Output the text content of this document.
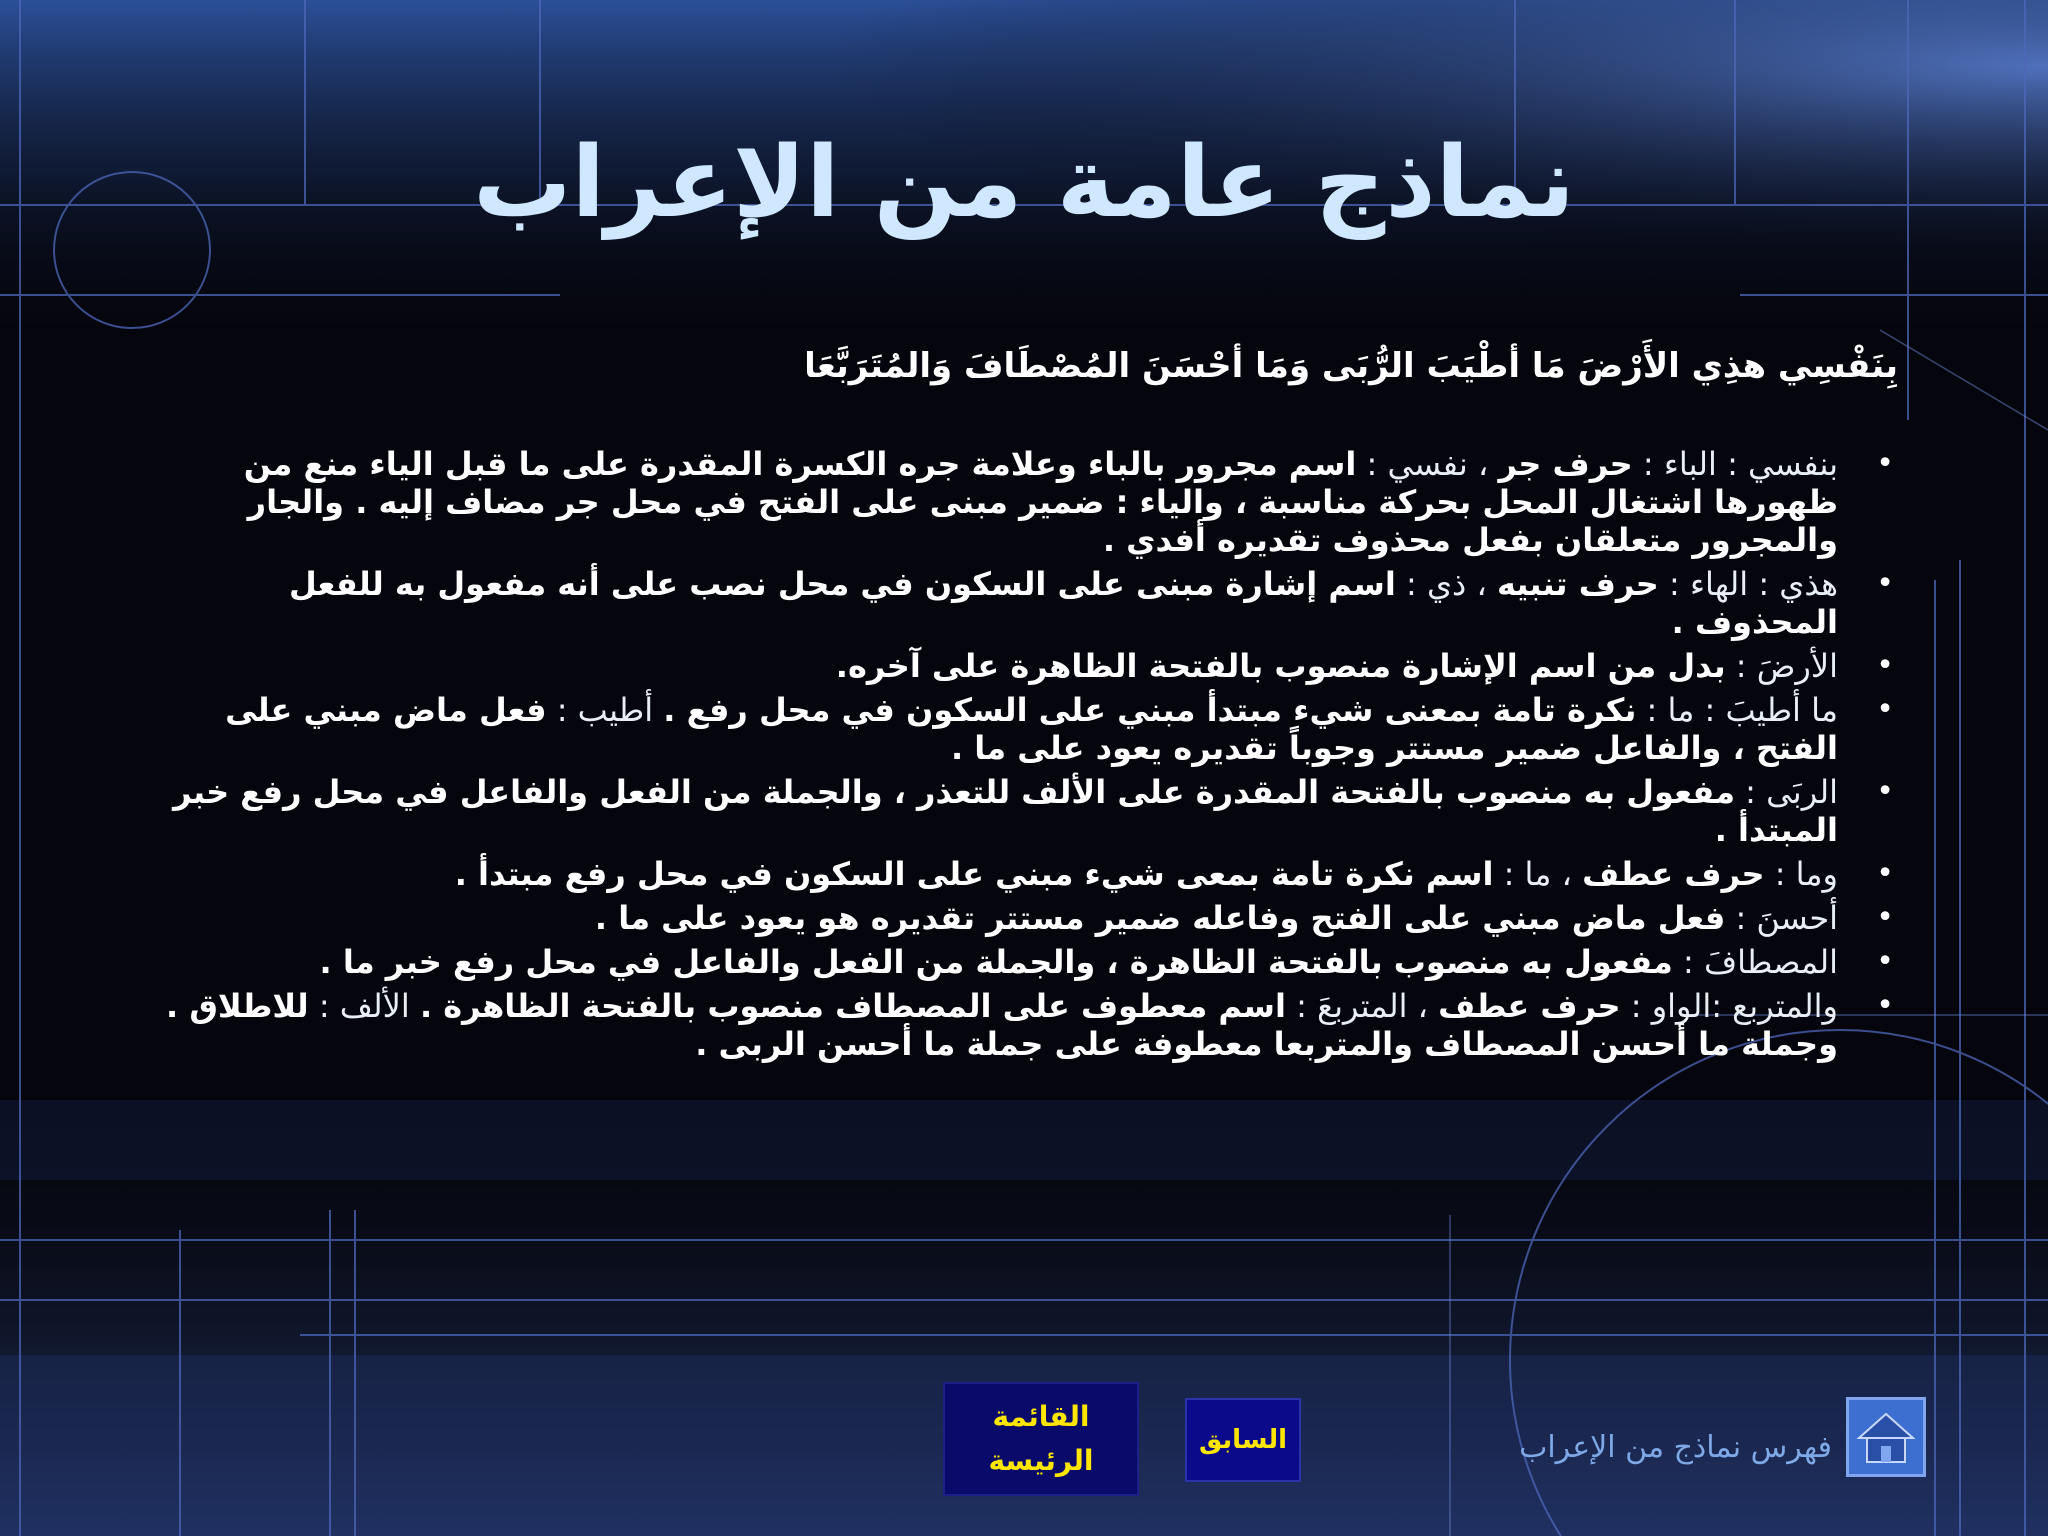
نماذج عامة من الإعراب
بِنَفْسِي هذِي الأَرْضَ مَا أطْيَبَ الرُّبَى وَمَا أحْسَنَ المُصْطَافَ وَالمُتَرَبَّعَا
•
بنفسي : الباء : حرف جر ، نفسي : اسم مجرور بالباء وعلامة جره الكسرة المقدرة على ما قبل الياء منع من ظهورها اشتغال المحل بحركة مناسبة ، والياء : ضمير مبنى على الفتح في محل جر مضاف إليه . والجار والمجرور متعلقان بفعل محذوف تقديره أفدي .
•
هذي : الهاء : حرف تنبيه ، ذي : اسم إشارة مبنى على السكون في محل نصب على أنه مفعول به للفعل المحذوف .
•
الأرضَ : بدل من اسم الإشارة منصوب بالفتحة الظاهرة على آخره.
•
ما أطيبَ : ما : نكرة تامة بمعنى شيء مبتدأ مبني على السكون في محل رفع . أطيب : فعل ماض مبني على الفتح ، والفاعل ضمير مستتر وجوباً تقديره يعود على ما .
•
الربَى : مفعول به منصوب بالفتحة المقدرة على الألف للتعذر ، والجملة من الفعل والفاعل في محل رفع خبر المبتدأ .
•
وما : حرف عطف ، ما : اسم نكرة تامة بمعى شيء مبني على السكون في محل رفع مبتدأ .
•
أحسنَ : فعل ماض مبني على الفتح وفاعله ضمير مستتر تقديره هو يعود على ما .
•
المصطافَ : مفعول به منصوب بالفتحة الظاهرة ، والجملة من الفعل والفاعل في محل رفع خبر ما .
•
والمتربع :الواو : حرف عطف ، المتربعَ : اسم معطوف على المصطاف منصوب بالفتحة الظاهرة . الألف : للاطلاق . وجملة ما أحسن المصطاف والمتربعا معطوفة على جملة ما أحسن الربى .
القائمة
الرئيسة
السابق	فهرس نماذج من الإعراب
